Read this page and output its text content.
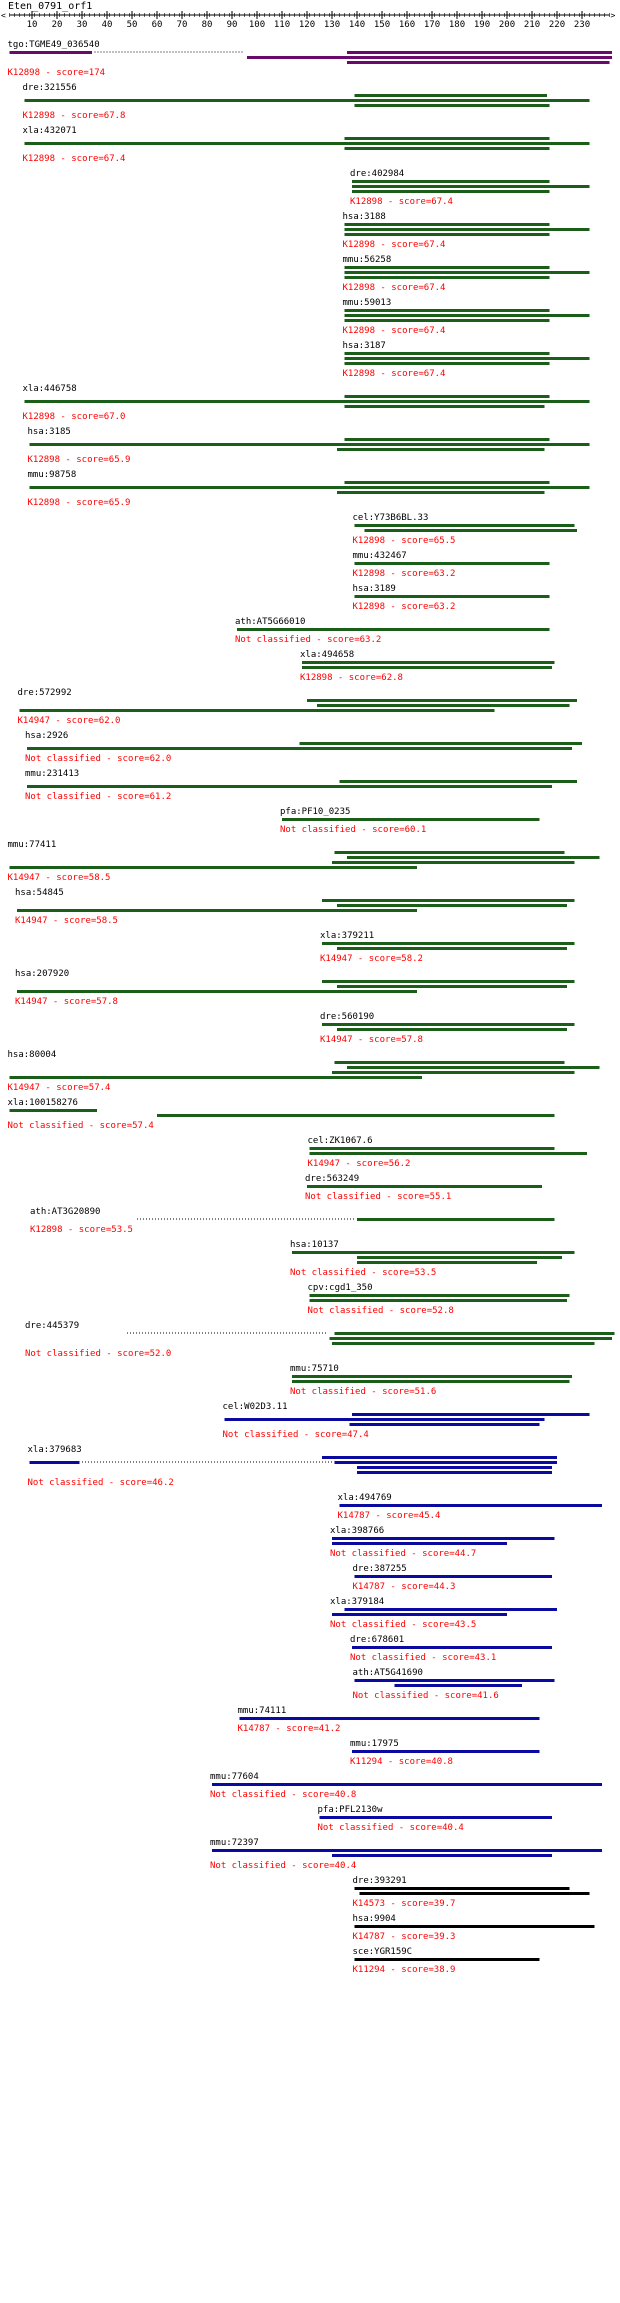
Eten_0791_orf1
<	>
10 20 30 40 50 60 70 80 90 100 110 120 130 140 150 160 170 180 190 200 210 220 230
tgo:TGME49_036540
K12898 - score=174
dre:321556
K12898 - score=67.8
xla:432071
K12898 - score=67.4
dre:402984
K12898 - score=67.4
hsa:3188
K12898 - score=67.4
mmu:56258
K12898 - score=67.4
mmu:59013
K12898 - score=67.4
hsa:3187
K12898 - score=67.4
xla:446758
K12898 - score=67.0
hsa:3185
K12898 - score=65.9
mmu:98758
K12898 - score=65.9
cel:Y73B6BL.33
K12898 - score=65.5
mmu:432467
K12898 - score=63.2
hsa:3189
K12898 - score=63.2
ath:AT5G66010
Not classified - score=63.2
xla:494658
K12898 - score=62.8
dre:572992
K14947 - score=62.0
hsa:2926
Not classified - score=62.0
mmu:231413
Not classified - score=61.2
pfa:PF10_0235
Not classified - score=60.1
mmu:77411
K14947 - score=58.5
hsa:54845
K14947 - score=58.5
xla:379211
K14947 - score=58.2
hsa:207920
K14947 - score=57.8
dre:560190
K14947 - score=57.8
hsa:80004
K14947 - score=57.4
xla:100158276
Not classified - score=57.4
cel:ZK1067.6
K14947 - score=56.2
dre:563249
Not classified - score=55.1
ath:AT3G20890
K12898 - score=53.5
hsa:10137
Not classified - score=53.5
cpv:cgd1_350
Not classified - score=52.8
dre:445379
Not classified - score=52.0
mmu:75710
Not classified - score=51.6
cel:W02D3.11
Not classified - score=47.4
xla:379683
Not classified - score=46.2
xla:494769
K14787 - score=45.4
xla:398766
Not classified - score=44.7
dre:387255
K14787 - score=44.3
xla:379184
Not classified - score=43.5
dre:678601
Not classified - score=43.1
ath:AT5G41690
Not classified - score=41.6
mmu:74111
K14787 - score=41.2
mmu:17975
K11294 - score=40.8
mmu:77604
Not classified - score=40.8
pfa:PFL2130w
Not classified - score=40.4
mmu:72397
Not classified - score=40.4
dre:393291
K14573 - score=39.7
hsa:9904
K14787 - score=39.3
sce:YGR159C
K11294 - score=38.9
